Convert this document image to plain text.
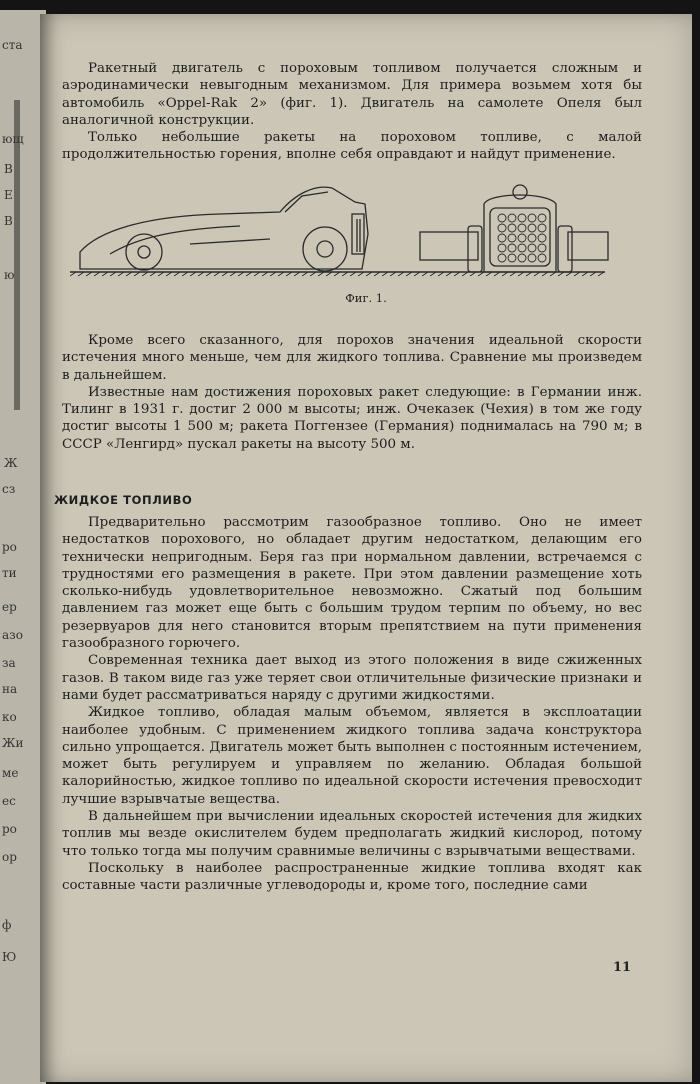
ста
ющ
B
Е
В
ю
Ж
сз
ро
ти
ер
азо
за
на
ко
Жи
ме
ес
ро
ор
ф
Ю

Ракетный двигатель с пороховым топливом получается сложным и аэродинамически невыгодным механизмом. Для примера возьмем хотя бы автомобиль «Oppel-Rak 2» (фиг. 1). Двигатель на самолете Опеля был аналогичной конструкции.

Только небольшие ракеты на пороховом топливе, с малой продолжительностью горения, вполне себя оправдают и найдут применение.

Фиг. 1.

Кроме всего сказанного, для порохов значения идеальной скорости истечения много меньше, чем для жидкого топлива. Сравнение мы произведем в дальнейшем.

Известные нам достижения пороховых ракет следующие: в Германии инж. Тилинг в 1931 г. достиг 2 000 м высоты; инж. Очеказек (Чехия) в том же году достиг высоты 1 500 м; ракета Поггензее (Германия) поднималась на 790 м; в СССР «Ленгирд» пускал ракеты на высоту 500 м.

ЖИДКОЕ ТОПЛИВО

Предварительно рассмотрим газообразное топливо. Оно не имеет недостатков порохового, но обладает другим недостатком, делающим его технически непригодным. Беря газ при нормальном давлении, встречаемся с трудностями его размещения в ракете. При этом давлении размещение хоть сколько-нибудь удовлетворительное невозможно. Сжатый под большим давлением газ может еще быть с большим трудом терпим по объему, но вес резервуаров для него становится вторым препятствием на пути применения газообразного горючего.

Современная техника дает выход из этого положения в виде сжиженных газов. В таком виде газ уже теряет свои отличительные физические признаки и нами будет рассматриваться наряду с другими жидкостями.

Жидкое топливо, обладая малым объемом, является в эксплоатации наиболее удобным. С применением жидкого топлива задача конструктора сильно упрощается. Двигатель может быть выполнен с постоянным истечением, может быть регулируем и управляем по желанию. Обладая большой калорийностью, жидкое топливо по идеальной скорости истечения превосходит лучшие взрывчатые вещества.

В дальнейшем при вычислении идеальных скоростей истечения для жидких топлив мы везде окислителем будем предполагать жидкий кислород, потому что только тогда мы получим сравнимые величины с взрывчатыми веществами.

Поскольку в наиболее распространенные жидкие топлива входят как составные части различные углеводороды и, кроме того, последние сами

11
